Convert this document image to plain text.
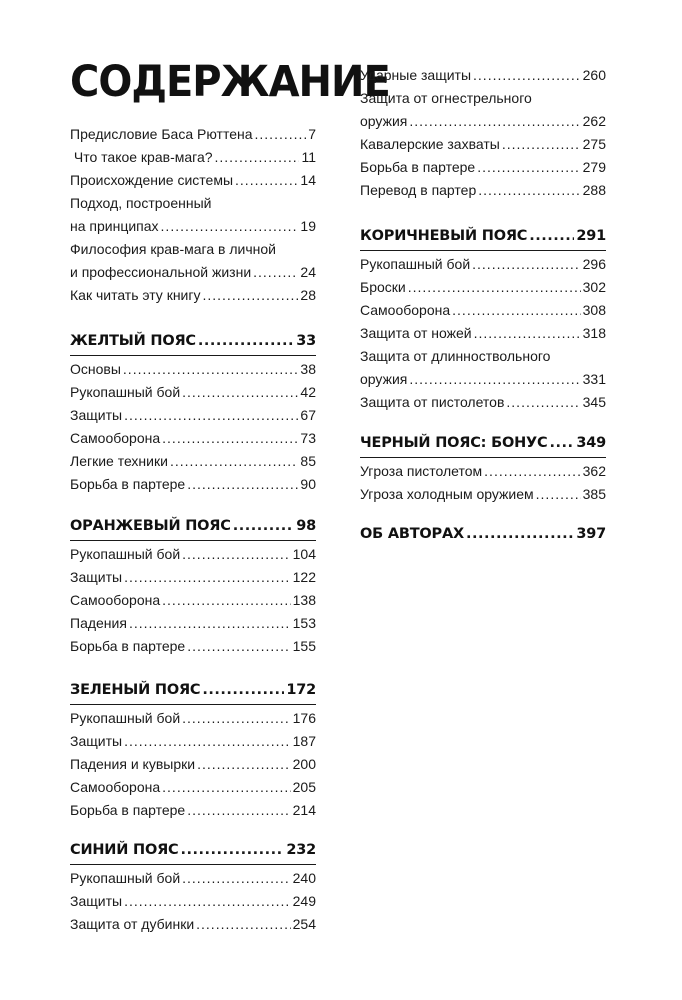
СОДЕРЖАНИЕ
Предисловие Баса Рюттена .....	7
Что такое крав-мага? .....	11
Происхождение системы .....	14
Подход, построенный
на принципах .....	19
Философия крав-мага в личной
и профессиональной жизни .....	24
Как читать эту книгу .....	28
ЖЕЛТЫЙ ПОЯС .....	33
Основы .....	38
Рукопашный бой .....	42
Защиты .....	67
Самооборона .....	73
Легкие техники .....	85
Борьба в партере .....	90
ОРАНЖЕВЫЙ ПОЯС .....	98
Рукопашный бой .....	104
Защиты .....	122
Самооборона .....	138
Падения .....	153
Борьба в партере .....	155
ЗЕЛЕНЫЙ ПОЯС .....	172
Рукопашный бой .....	176
Защиты .....	187
Падения и кувырки .....	200
Самооборона .....	205
Борьба в партере .....	214
СИНИЙ ПОЯС .....	232
Рукопашный бой .....	240
Защиты .....	249
Защита от дубинки .....	254
Ударные защиты .....	260
Защита от огнестрельного
оружия .....	262
Кавалерские захваты .....	275
Борьба в партере .....	279
Перевод в партер .....	288
КОРИЧНЕВЫЙ ПОЯС .....	291
Рукопашный бой .....	296
Броски .....	302
Самооборона .....	308
Защита от ножей .....	318
Защита от длинноствольного
оружия .....	331
Защита от пистолетов .....	345
ЧЕРНЫЙ ПОЯС: БОНУС ..... 349
Угроза пистолетом .....	362
Угроза холодным оружием .....	385
ОБ АВТОРАХ .....	397
